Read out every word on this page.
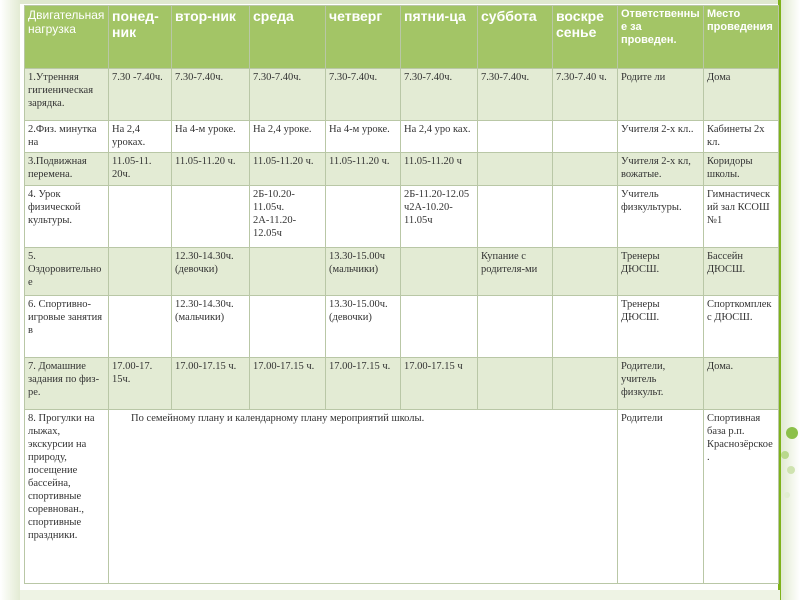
Двигательная нагрузка	понед-ник	втор-ник	среда	четверг	пятни-ца	суббота	воскре сенье	Ответственные за проведен.	Место проведения
1.Утренняя гигиеническая зарядка.	7.30 -7.40ч.	7.30-7.40ч.	7.30-7.40ч.	7.30-7.40ч.	7.30-7.40ч.	7.30-7.40ч.	7.30-7.40 ч.	Родите ли	Дома
2.Физ. минутка на	На 2,4 уроках.	На 4-м уроке.	На 2,4 уроке.	На 4-м уроке.	На 2,4 уро ках.			Учителя 2-х кл..	Кабинеты 2х кл.
3.Подвижная перемена.	11.05-11. 20ч.	11.05-11.20 ч.	11.05-11.20 ч.	11.05-11.20 ч.	11.05-11.20 ч			Учителя 2-х кл, вожатые.	Коридоры школы.
4. Урок физической культуры.			2Б-10.20-11.05ч. 2А-11.20-12.05ч		2Б-11.20-12.05 ч2А-10.20-11.05ч			Учитель физкультуры.	Гимнастический зал КСОШ №1
5. Оздоровительное		12.30-14.30ч.(девочки)		13.30-15.00ч (мальчики)		Купание с родителя-ми		Тренеры ДЮСШ.	Бассейн ДЮСШ.
6. Спортивно-игровые занятия в		12.30-14.30ч.(мальчики)		13.30-15.00ч.(девочки)				Тренеры ДЮСШ.	Спорткомплекс ДЮСШ.
7. Домашние задания по физ-ре.	17.00-17. 15ч.	17.00-17.15 ч.	17.00-17.15 ч.	17.00-17.15 ч.	17.00-17.15 ч			Родители, учитель физкульт.	Дома.
8. Прогулки на лыжах, экскурсии на природу, посещение бассейна, спортивные соревнован., спортивные праздники.	По семейному плану и календарному плану мероприятий школы.							Родители	Спортивная база р.п. Краснозёрское.
